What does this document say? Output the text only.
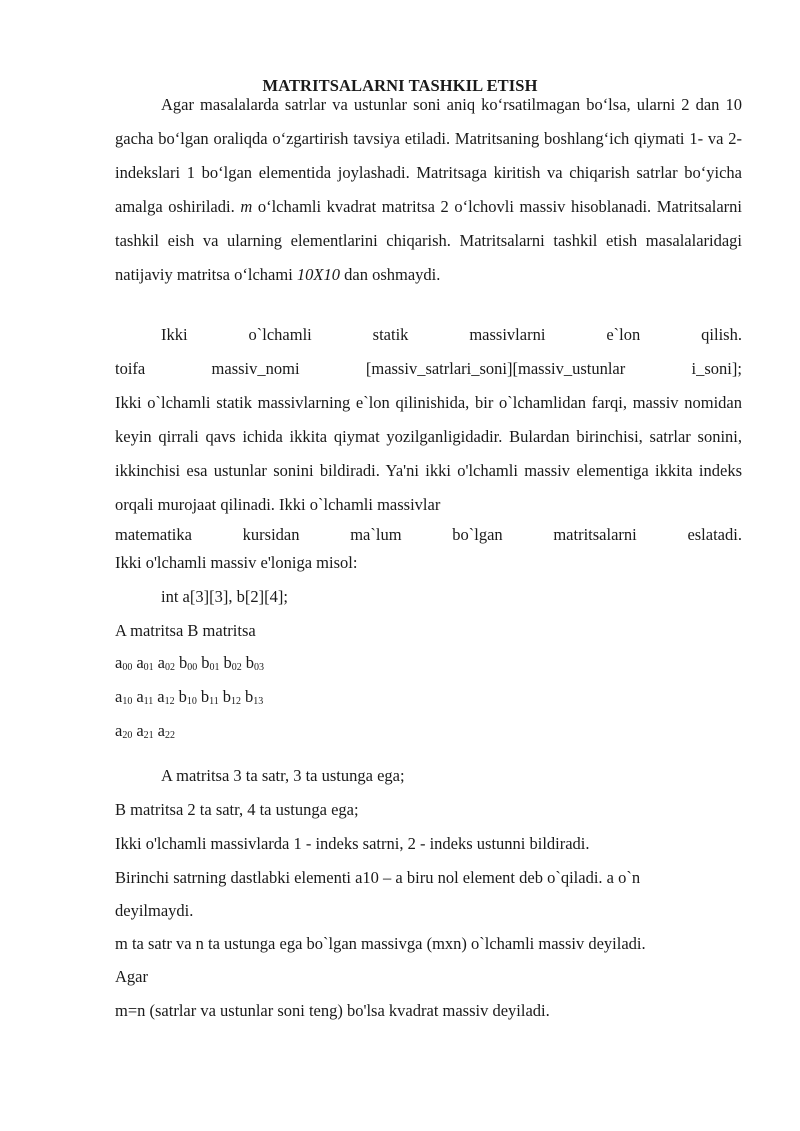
MATRITSALARNI TASHKIL ETISH
Agar masalalarda satrlar va ustunlar soni aniq ko‘rsatilmagan bo‘lsa, ularni 2 dan 10 gacha bo‘lgan oraliqda o‘zgartirish tavsiya etiladi. Matritsaning boshlang‘ich qiymati 1- va 2-indekslari 1 bo‘lgan elementida joylashadi. Matritsaga kiritish va chiqarish satrlar bo‘yicha amalga oshiriladi. m o‘lchamli kvadrat matritsa 2 o‘lchovli massiv hisoblanadi. Matritsalarni tashkil eish va ularning elementlarini chiqarish. Matritsalarni tashkil etish masalalaridagi natijaviy matritsa o‘lchami 10X10 dan oshmaydi.
Ikki	o`lchamli	statik	massivlarni	e`lon	qilish.
toifa	massiv_nomi	[massiv_satrlari_soni][massiv_ustunlar	i_soni];
Ikki o`lchamli statik massivlarning e`lon qilinishida, bir o`lchamlidan farqi, massiv nomidan keyin qirrali qavs ichida ikkita qiymat yozilganligidadir. Bulardan birinchisi, satrlar sonini, ikkinchisi esa ustunlar sonini bildiradi. Ya'ni ikki o'lchamli massiv elementiga ikkita indeks orqali murojaat qilinadi. Ikki o`lchamli massivlar
matematika	kursidan	ma`lum	bo`lgan	matritsalarni	eslatadi.
Ikki o'lchamli massiv e'loniga misol:
int a[3][3], b[2][4];
A matritsa B matritsa
$a_{00}$ $a_{01}$ $a_{02}$ $b_{00}$ $b_{01}$ $b_{02}$ $b_{03}$
$a_{10}$ $a_{11}$ $a_{12}$ $b_{10}$ $b_{11}$ $b_{12}$ $b_{13}$
$a_{20}$ $a_{21}$ $a_{22}$
A matritsa 3 ta satr, 3 ta ustunga ega;
B matritsa 2 ta satr, 4 ta ustunga ega;
Ikki o'lchamli massivlarda 1 - indeks satrni, 2 - indeks ustunni bildiradi.
Birinchi satrning dastlabki elementi a10 – a biru nol element deb o`qiladi. a o`n
deyilmaydi.
m ta satr va n ta ustunga ega bo`lgan massivga (mxn) o`lchamli massiv deyiladi.
Agar
m=n (satrlar va ustunlar soni teng) bo'lsa kvadrat massiv deyiladi.
